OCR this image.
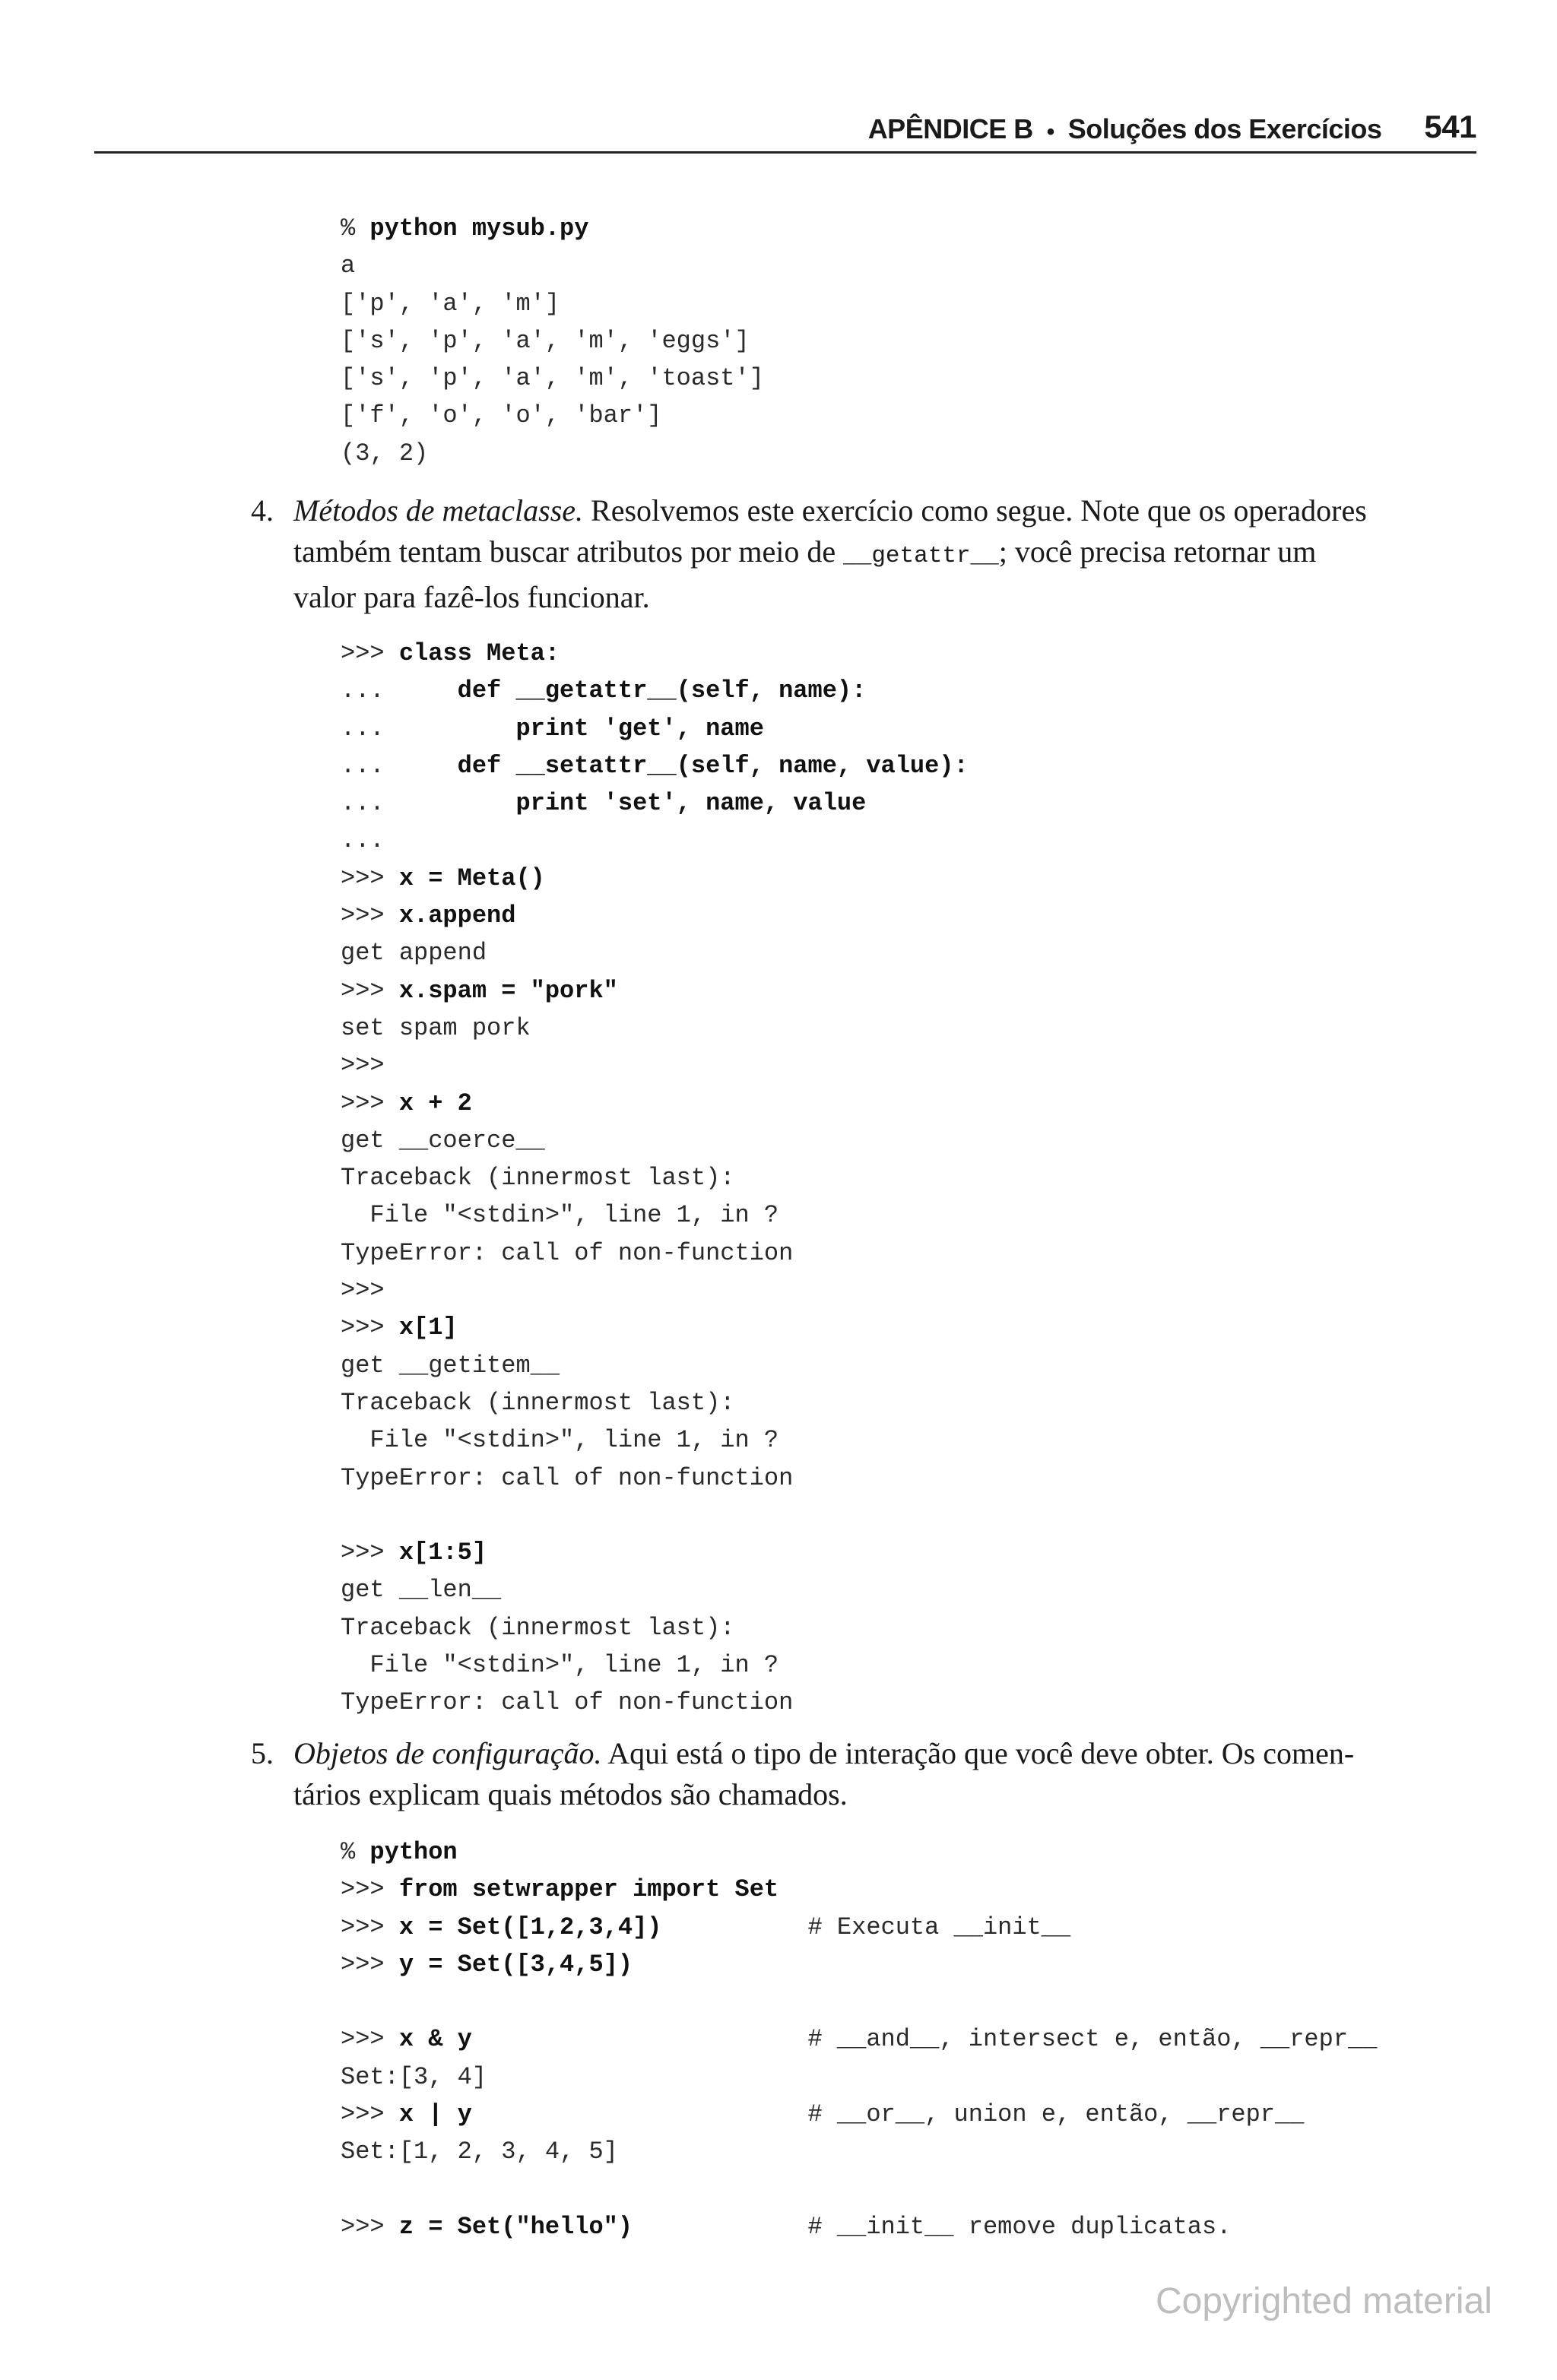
APÊNDICE B • Soluções dos Exercícios 541
% python mysub.py
a
['p', 'a', 'm']
['s', 'p', 'a', 'm', 'eggs']
['s', 'p', 'a', 'm', 'toast']
['f', 'o', 'o', 'bar']
(3, 2)
4. Métodos de metaclasse. Resolvemos este exercício como segue. Note que os operadores
também tentam buscar atributos por meio de __getattr__; você precisa retornar um
valor para fazê-los funcionar.
>>> class Meta:
...     def __getattr__(self, name):
...         print 'get', name
...     def __setattr__(self, name, value):
...         print 'set', name, value
...
>>> x = Meta()
>>> x.append
get append
>>> x.spam = "pork"
set spam pork
>>>
>>> x + 2
get __coerce__
Traceback (innermost last):
File "<stdin>", line 1, in ?
TypeError: call of non-function
>>>
>>> x[1]
get __getitem__
Traceback (innermost last):
File "<stdin>", line 1, in ?
TypeError: call of non-function
>>> x[1:5]
get __len__
Traceback (innermost last):
File "<stdin>", line 1, in ?
TypeError: call of non-function
5. Objetos de configuração. Aqui está o tipo de interação que você deve obter. Os comen-
tários explicam quais métodos são chamados.
% python
>>> from setwrapper import Set
>>> x = Set([1,2,3,4])	# Executa __init__
>>> y = Set([3,4,5])
>>> x & y	# __and__, intersect e, então, __repr__
Set:[3, 4]
>>> x | y	# __or__, union e, então, __repr__
Set:[1, 2, 3, 4, 5]
>>> z = Set("hello")	# __init__ remove duplicatas.
Copyrighted material
